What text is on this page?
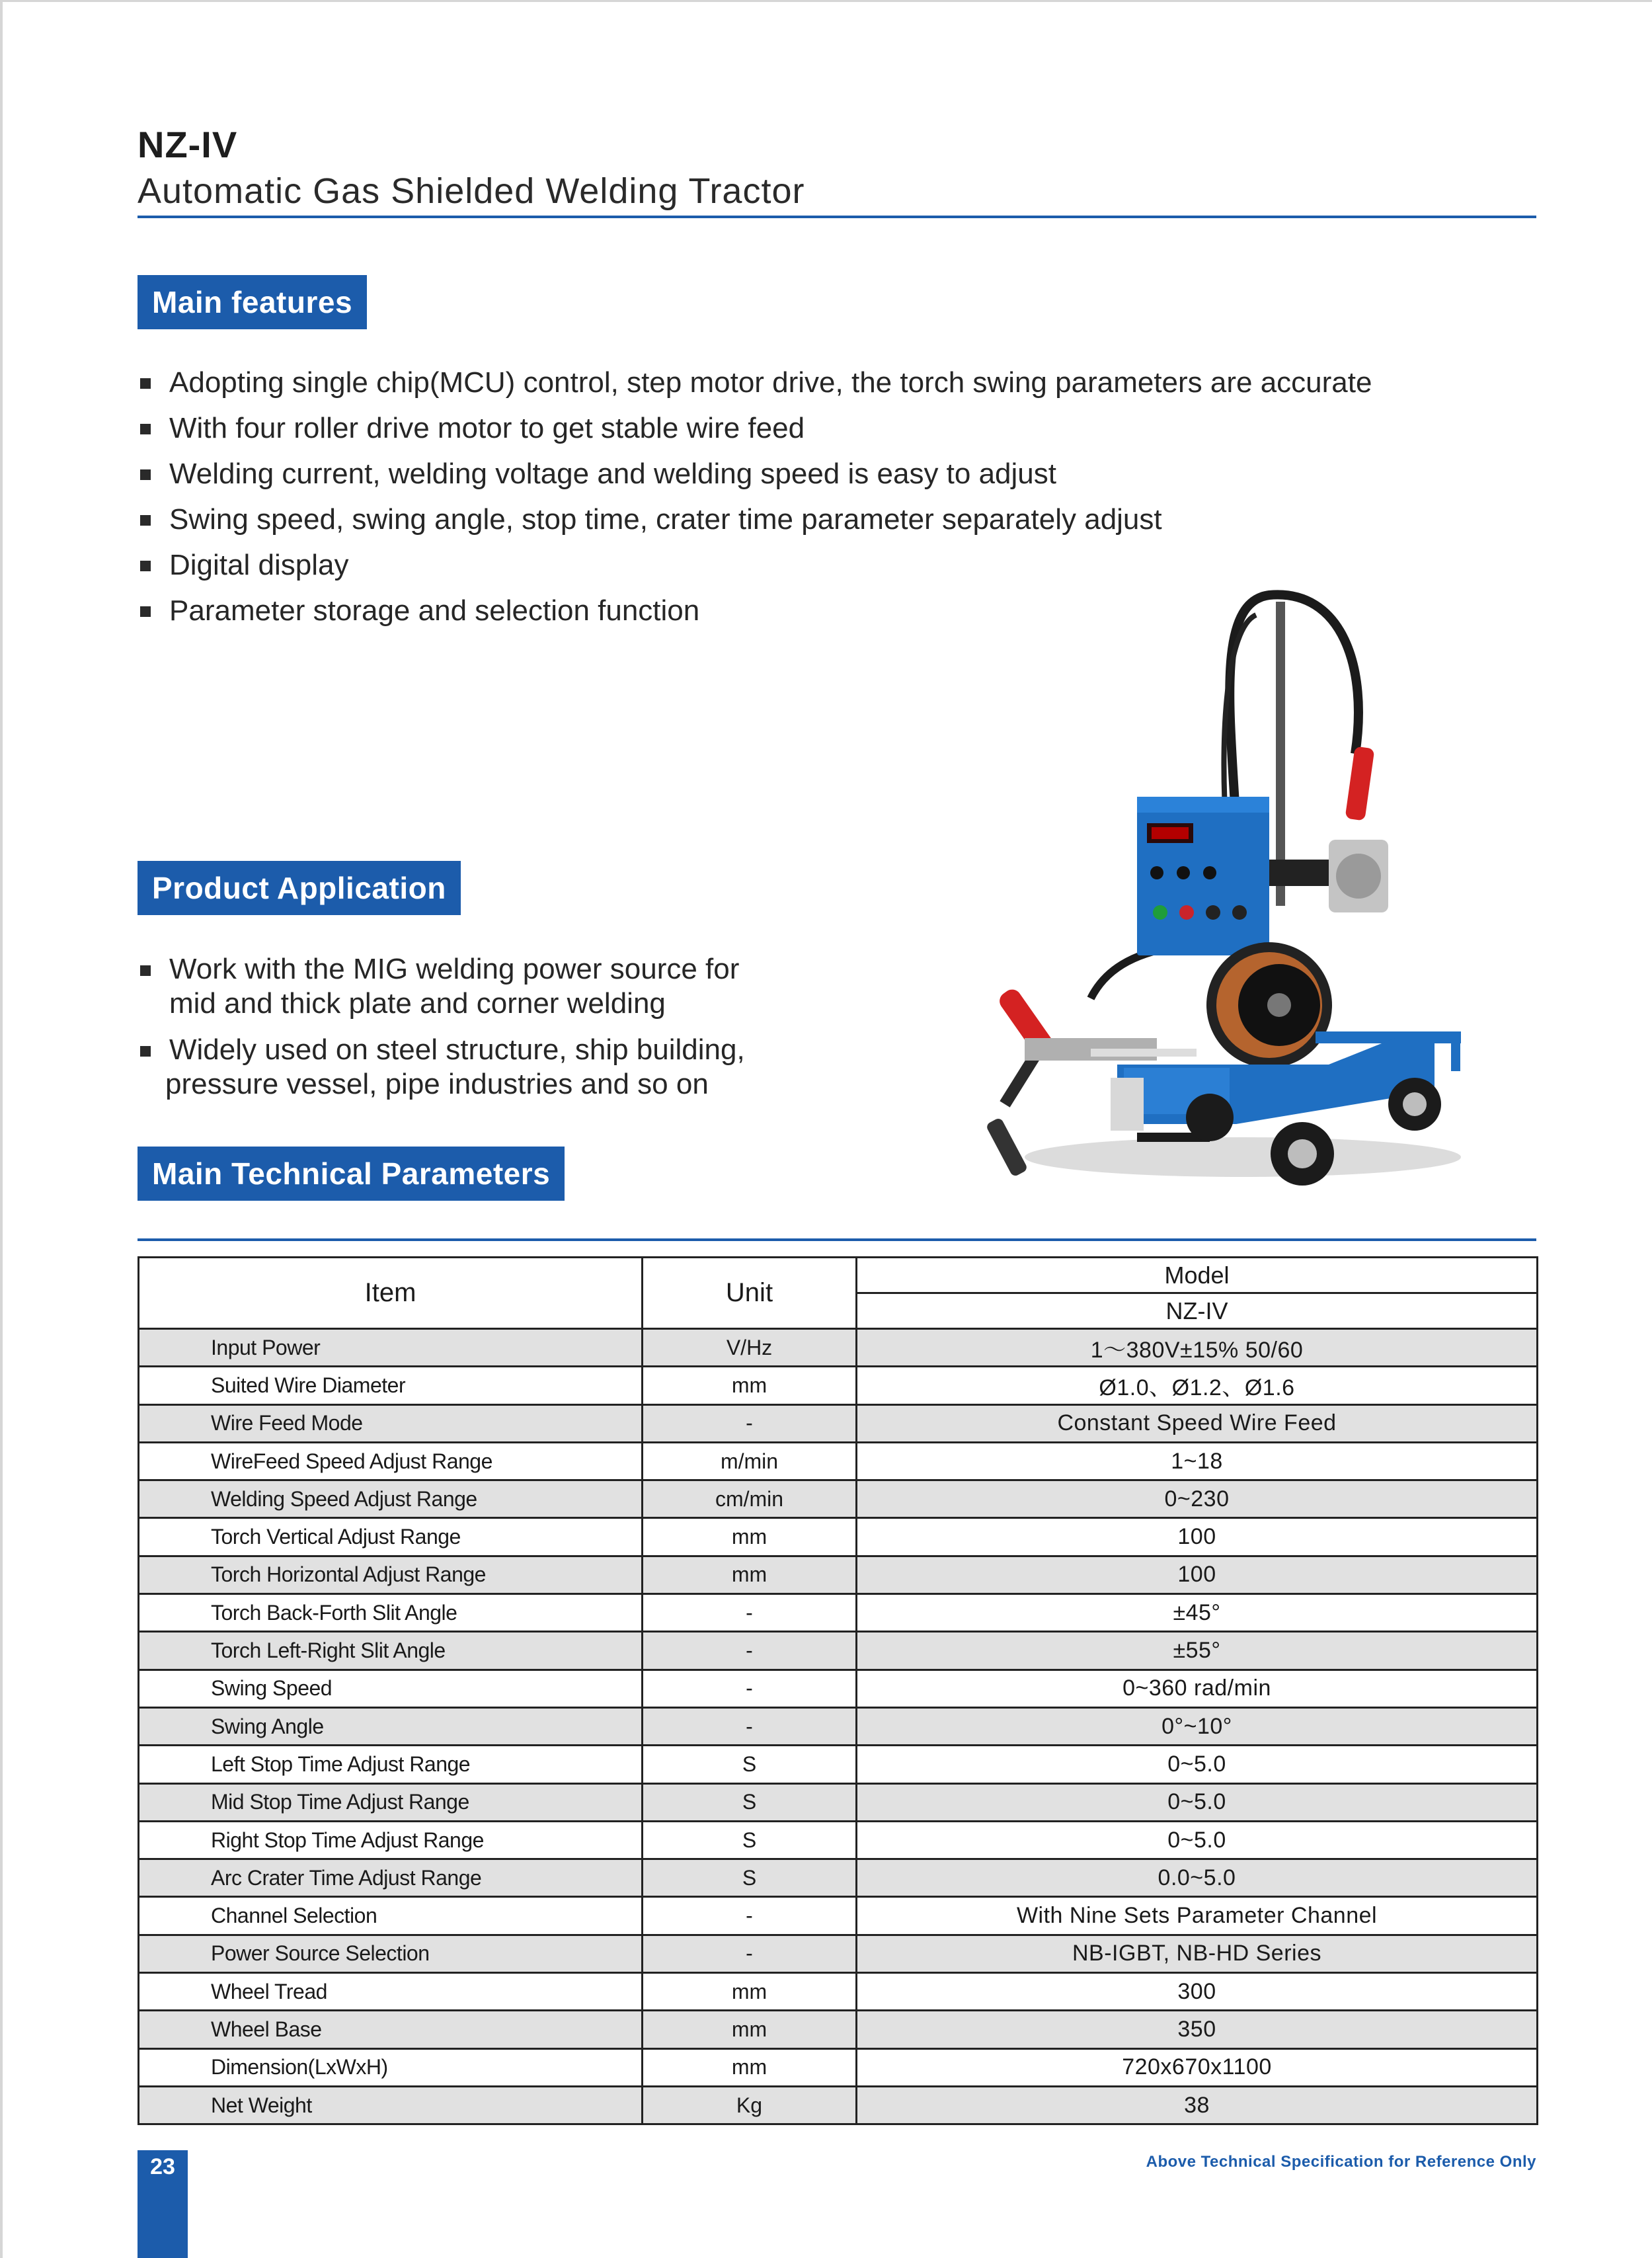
NZ-IV
Automatic Gas Shielded Welding Tractor
Main features
Adopting single chip(MCU) control, step motor drive, the torch swing parameters are accurate
With four roller drive motor to get stable wire feed
Welding current, welding voltage and welding speed is easy to adjust
Swing speed, swing angle, stop time, crater time parameter separately adjust
Digital display
Parameter storage and selection function
Product Application
Work with the MIG welding power source for
mid and thick plate and corner welding
Widely used on steel structure, ship building,
pressure vessel, pipe industries and so on
Main Technical Parameters
Item	Unit	Model
		NZ-IV
Input Power	V/Hz	1～380V±15% 50/60
Suited Wire Diameter	mm	Ø1.0、Ø1.2、Ø1.6
Wire Feed Mode	-	Constant Speed Wire Feed
WireFeed Speed Adjust Range	m/min	1~18
Welding Speed Adjust Range	cm/min	0~230
Torch Vertical Adjust Range	mm	100
Torch Horizontal Adjust Range	mm	100
Torch Back-Forth Slit Angle	-	±45°
Torch Left-Right Slit Angle	-	±55°
Swing Speed	-	0~360 rad/min
Swing Angle	-	0°~10°
Left Stop Time Adjust Range	S	0~5.0
Mid Stop Time Adjust Range	S	0~5.0
Right Stop Time Adjust Range	S	0~5.0
Arc Crater Time Adjust Range	S	0.0~5.0
Channel Selection	-	With Nine Sets Parameter Channel
Power Source Selection	-	NB-IGBT, NB-HD Series
Wheel Tread	mm	300
Wheel Base	mm	350
Dimension(LxWxH)	mm	720x670x1100
Net Weight	Kg	38
23	Above Technical Specification for Reference Only
